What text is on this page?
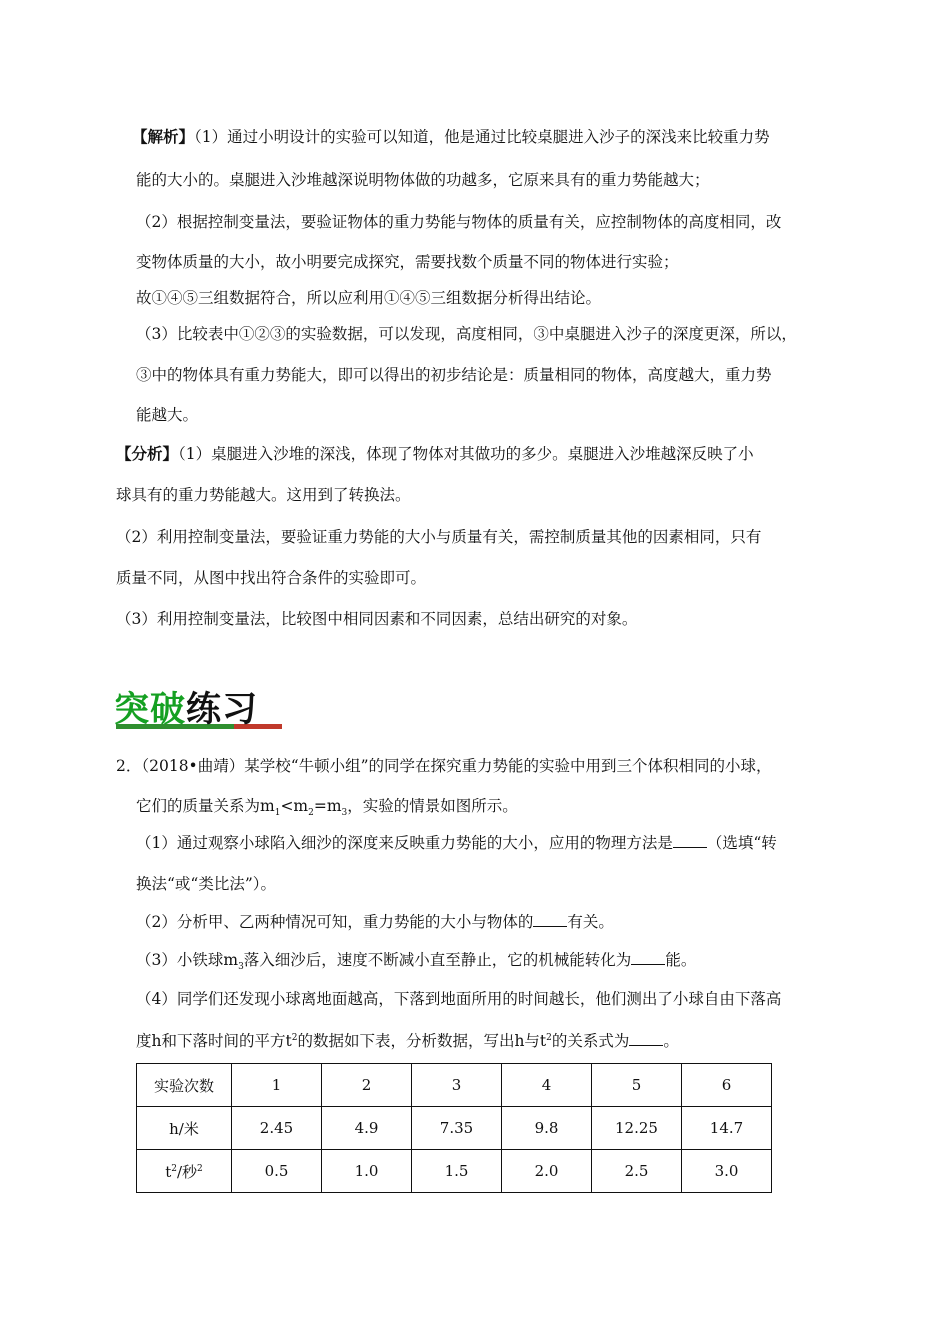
【解析】（1）通过小明设计的实验可以知道，他是通过比较桌腿进入沙子的深浅来比较重力势
能的大小的。桌腿进入沙堆越深说明物体做的功越多，它原来具有的重力势能越大；
（2）根据控制变量法，要验证物体的重力势能与物体的质量有关，应控制物体的高度相同，改
变物体质量的大小，故小明要完成探究，需要找数个质量不同的物体进行实验；
故①④⑤三组数据符合，所以应利用①④⑤三组数据分析得出结论。
（3）比较表中①②③的实验数据，可以发现，高度相同，③中桌腿进入沙子的深度更深，所以，
③中的物体具有重力势能大，即可以得出的初步结论是：质量相同的物体，高度越大，重力势
能越大。
【分析】（1）桌腿进入沙堆的深浅，体现了物体对其做功的多少。桌腿进入沙堆越深反映了小
球具有的重力势能越大。这用到了转换法。
（2）利用控制变量法，要验证重力势能的大小与质量有关，需控制质量其他的因素相同，只有
质量不同，从图中找出符合条件的实验即可。
（3）利用控制变量法，比较图中相同因素和不同因素，总结出研究的对象。
突破练习
2．（2018•曲靖）某学校“牛顿小组”的同学在探究重力势能的实验中用到三个体积相同的小球，
它们的质量关系为$m_1<m_2=m_3$，实验的情景如图所示。
（1）通过观察小球陷入细沙的深度来反映重力势能的大小，应用的物理方法是 （选填“转
换法“或“类比法”）。
（2）分析甲、乙两种情况可知，重力势能的大小与物体的 有关。
（3）小铁球$m_3$落入细沙后，速度不断减小直至静止，它的机械能转化为 能。
（4）同学们还发现小球离地面越高，下落到地面所用的时间越长，他们测出了小球自由下落高
度h和下落时间的平方$t^2$的数据如下表，分析数据，写出h与$t^2$的关系式为 。
实验次数	1	2	3	4	5	6
h/米	2.45	4.9	7.35	9.8	12.25	14.7
$t^2/$秒$^2$	0.5	1.0	1.5	2.0	2.5	3.0
